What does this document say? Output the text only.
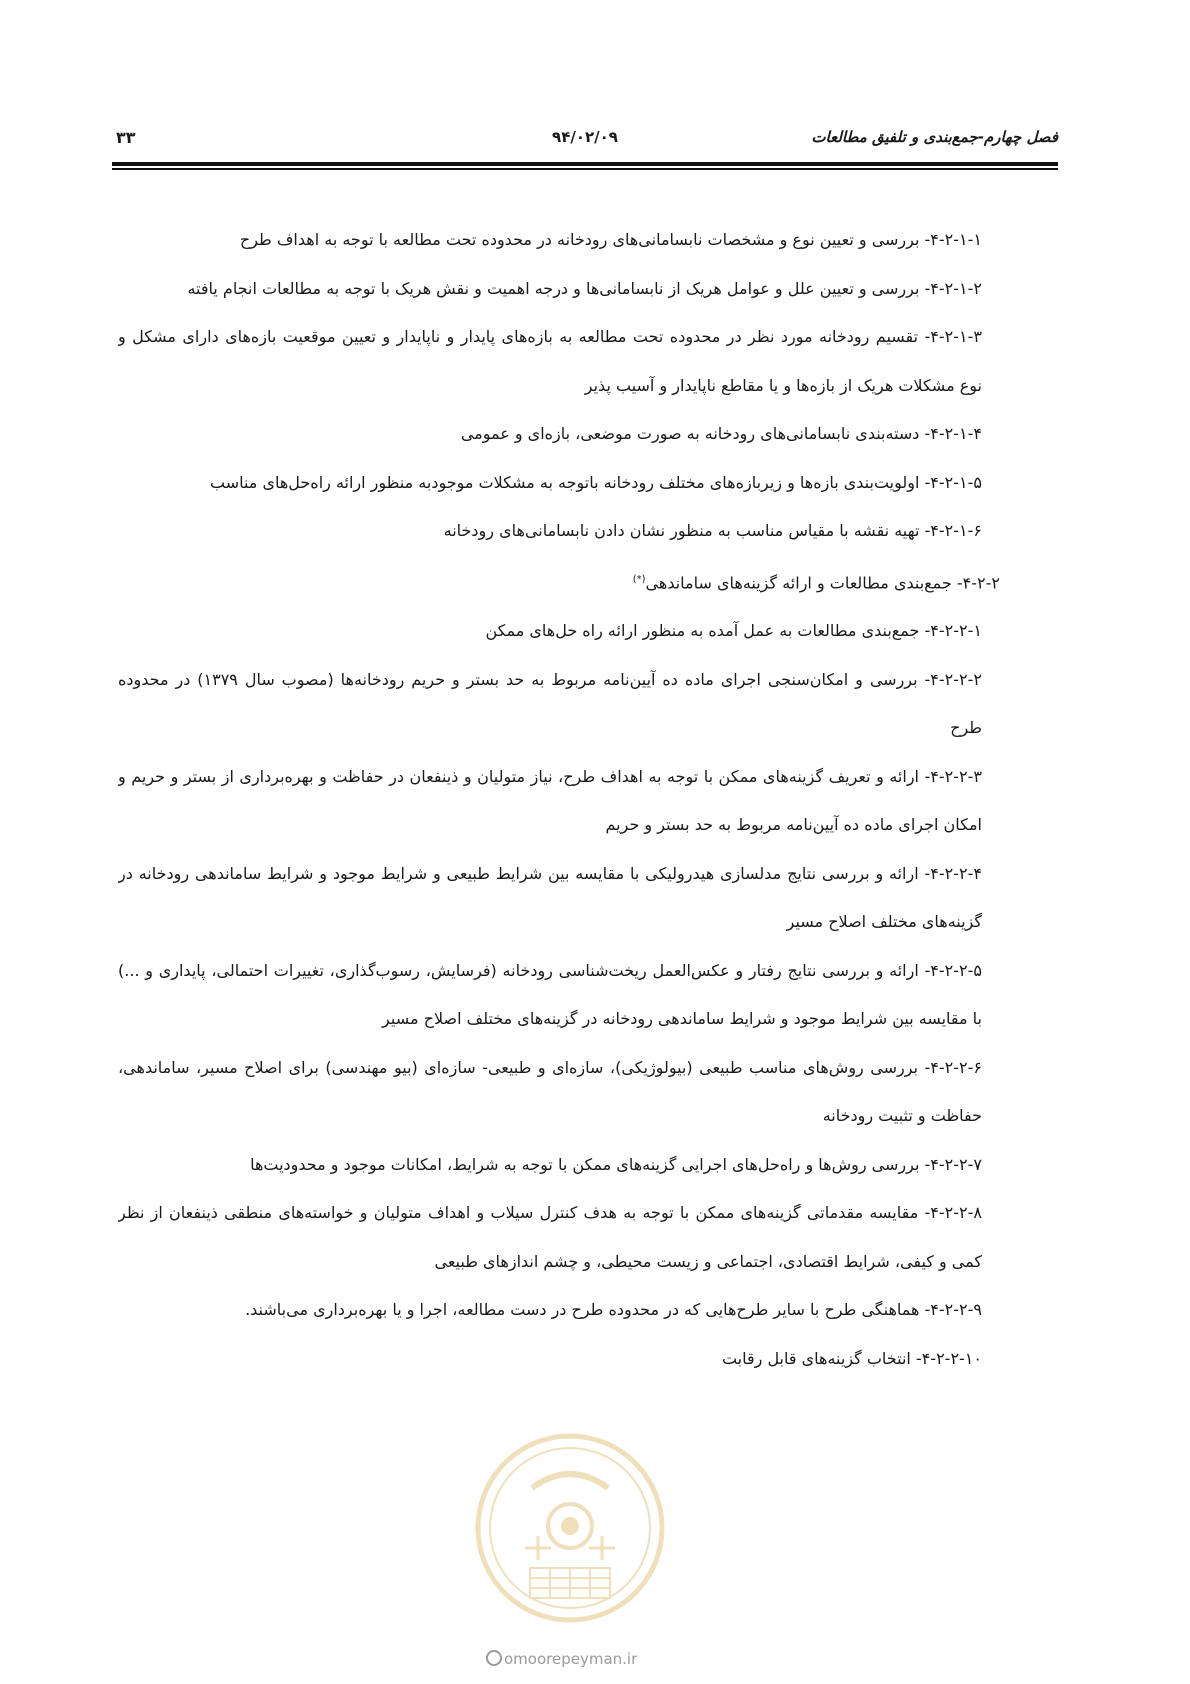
فصل چهارم-جمع‌بندی و تلفیق مطالعات
۹۴/۰۲/۰۹
۳۳

۴-۲-۱-۱- بررسی و تعیین نوع و مشخصات نابسامانی‌های رودخانه در محدوده تحت مطالعه با توجه به اهداف طرح

۴-۲-۱-۲- بررسی و تعیین علل و عوامل هریک از نابسامانی‌ها و درجه اهمیت و نقش هریک با توجه به مطالعات انجام یافته

۴-۲-۱-۳- تقسیم رودخانه مورد نظر در محدوده تحت مطالعه به بازه‌های پایدار و ناپایدار و تعیین موقعیت بازه‌های دارای مشکل و نوع مشکلات هریک از بازه‌ها و یا مقاطع ناپایدار و آسیب پذیر

۴-۲-۱-۴- دسته‌بندی نابسامانی‌های رودخانه به صورت موضعی، بازه‌ای و عمومی

۴-۲-۱-۵- اولویت‌بندی بازه‌ها و زیربازه‌های مختلف رودخانه باتوجه به مشکلات موجودبه منظور ارائه راه‌حل‌های مناسب

۴-۲-۱-۶- تهیه نقشه با مقیاس مناسب به منظور نشان دادن نابسامانی‌های رودخانه

۴-۲-۲- جمع‌بندی مطالعات و ارائه گزینه‌های ساماندهی(*)

۴-۲-۲-۱- جمع‌بندی مطالعات به عمل آمده به منظور ارائه راه حل‌های ممکن

۴-۲-۲-۲- بررسی و امکان‌سنجی اجرای ماده ده آیین‌نامه مربوط به حد بستر و حریم رودخانه‌ها (مصوب سال ۱۳۷۹) در محدوده طرح

۴-۲-۲-۳- ارائه و تعریف گزینه‌های ممکن با توجه به اهداف طرح، نیاز متولیان و ذینفعان در حفاظت و بهره‌برداری از بستر و حریم و امکان اجرای ماده ده آیین‌نامه مربوط به حد بستر و حریم

۴-۲-۲-۴- ارائه و بررسی نتایج مدلسازی هیدرولیکی با مقایسه بین شرایط طبیعی و شرایط موجود و شرایط ساماندهی رودخانه در گزینه‌های مختلف اصلاح مسیر

۴-۲-۲-۵- ارائه و بررسی نتایج رفتار و عکس‌العمل ریخت‌شناسی رودخانه (فرسایش، رسوب‌گذاری، تغییرات احتمالی، پایداری و ...) با مقایسه بین شرایط موجود و شرایط ساماندهی رودخانه در گزینه‌های مختلف اصلاح مسیر

۴-۲-۲-۶- بررسی روش‌های مناسب طبیعی (بیولوژیکی)، سازه‌ای و طبیعی- سازه‌ای (بیو مهندسی) برای اصلاح مسیر، ساماندهی، حفاظت و تثبیت رودخانه

۴-۲-۲-۷- بررسی روش‌ها و راه‌حل‌های اجرایی گزینه‌های ممکن با توجه به شرایط، امکانات موجود و محدودیت‌ها

۴-۲-۲-۸- مقایسه مقدماتی گزینه‌های ممکن با توجه به هدف کنترل سیلاب و اهداف متولیان و خواسته‌های منطقی ذینفعان از نظر کمی و کیفی، شرایط اقتصادی، اجتماعی و زیست محیطی، و چشم اندازهای طبیعی

۴-۲-۲-۹- هماهنگی طرح با سایر طرح‌هایی که در محدوده طرح در دست مطالعه، اجرا و یا بهره‌برداری می‌باشند.

۴-۲-۲-۱۰- انتخاب گزینه‌های قابل رقابت

omoorepeyman.ir
